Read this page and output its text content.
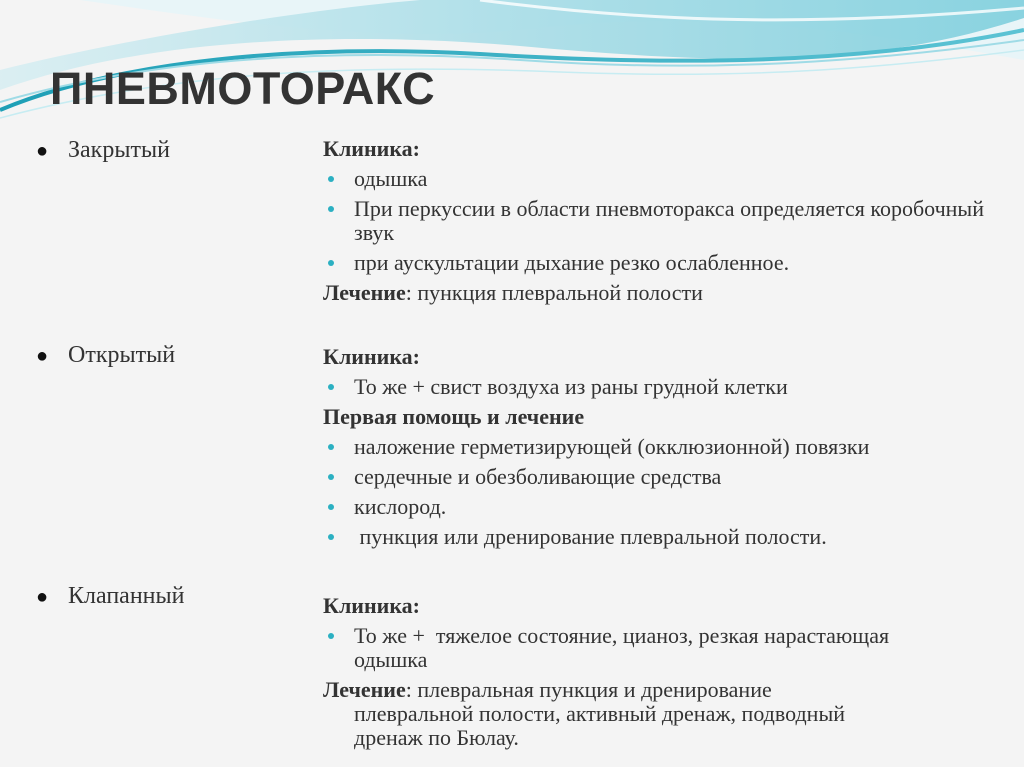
ПНЕВМОТОРАКС
● Закрытый
● Открытый
● Клапанный

Клиника:

одышка
При перкуссии в области пневмоторакса определяется коробочный звук
при аускультации дыхание резко ослабленное.

Лечение: пункция плевральной полости

Клиника:

То же + свист воздуха из раны грудной клетки

Первая помощь и лечение

наложение герметизирующей (окклюзионной) повязки
сердечные и обезболивающие средства
кислород.
пункция или дренирование плевральной полости.

Клиника:

То же +  тяжелое состояние, цианоз, резкая нарастающая одышка
Лечение: плевральная пункция и дренирование
плевральной полости, активный дренаж, подводный
дренаж по Бюлау.
